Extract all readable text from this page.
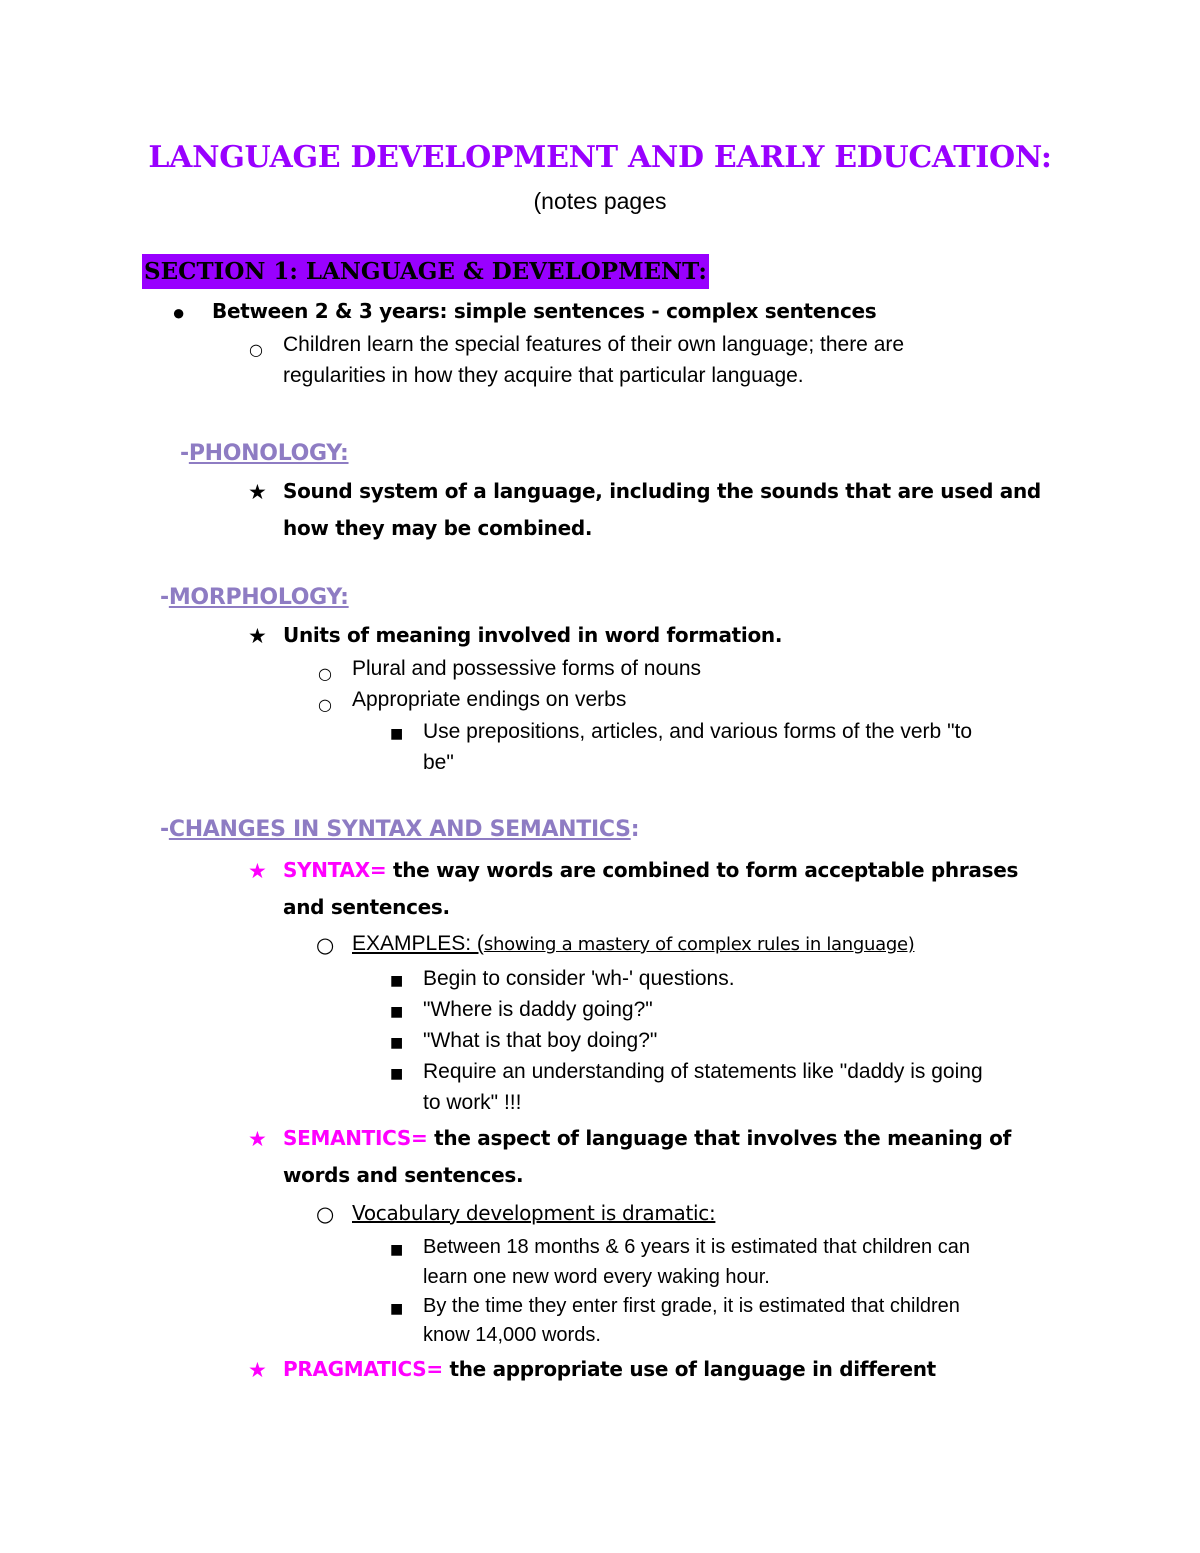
LANGUAGE DEVELOPMENT AND EARLY EDUCATION:
(notes pages
SECTION 1: LANGUAGE & DEVELOPMENT:
● Between 2 & 3 years: simple sentences - complex sentences
○ Children learn the special features of their own language; there are
regularities in how they acquire that particular language.
-PHONOLOGY:
★ Sound system of a language, including the sounds that are used and
how they may be combined.
-MORPHOLOGY:
★ Units of meaning involved in word formation.
○ Plural and possessive forms of nouns
○ Appropriate endings on verbs
■ Use prepositions, articles, and various forms of the verb "to
be"
-CHANGES IN SYNTAX AND SEMANTICS:
★ SYNTAX= the way words are combined to form acceptable phrases
and sentences.
○ EXAMPLES: (showing a mastery of complex rules in language)
■ Begin to consider 'wh-' questions.
■ "Where is daddy going?"
■ "What is that boy doing?"
■ Require an understanding of statements like "daddy is going
to work" !!!
★ SEMANTICS= the aspect of language that involves the meaning of
words and sentences.
○ Vocabulary development is dramatic:
■ Between 18 months & 6 years it is estimated that children can
learn one new word every waking hour.
■ By the time they enter first grade, it is estimated that children
know 14,000 words.
★ PRAGMATICS= the appropriate use of language in different
